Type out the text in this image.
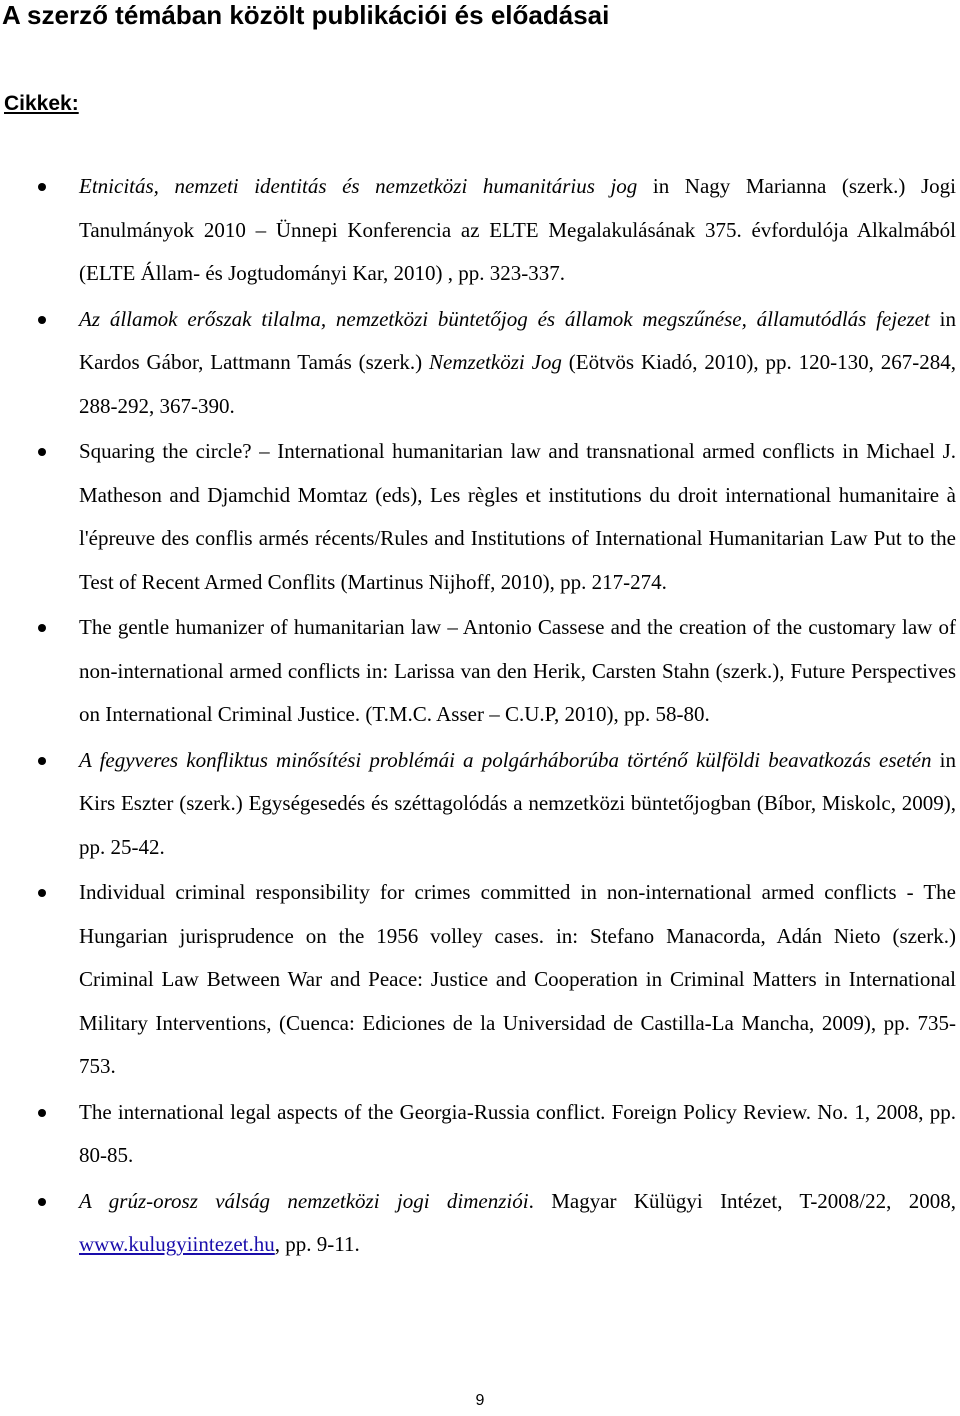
A szerző témában közölt publikációi és előadásai
Cikkek:
Etnicitás, nemzeti identitás és nemzetközi humanitárius jog in Nagy Marianna (szerk.) Jogi Tanulmányok 2010 – Ünnepi Konferencia az ELTE Megalakulásának 375. évfordulója Alkalmából (ELTE Állam- és Jogtudományi Kar, 2010) , pp. 323-337.
Az államok erőszak tilalma, nemzetközi büntetőjog és államok megszűnése, államutódlás fejezet in Kardos Gábor, Lattmann Tamás (szerk.) Nemzetközi Jog (Eötvös Kiadó, 2010), pp. 120-130, 267-284, 288-292, 367-390.
Squaring the circle? – International humanitarian law and transnational armed conflicts in Michael J. Matheson and Djamchid Momtaz (eds), Les règles et institutions du droit international humanitaire à l'épreuve des conflis armés récents/Rules and Institutions of International Humanitarian Law Put to the Test of Recent Armed Conflits (Martinus Nijhoff, 2010), pp. 217-274.
The gentle humanizer of humanitarian law – Antonio Cassese and the creation of the customary law of non-international armed conflicts in: Larissa van den Herik, Carsten Stahn (szerk.), Future Perspectives on International Criminal Justice. (T.M.C. Asser – C.U.P, 2010), pp. 58-80.
A fegyveres konfliktus minősítési problémái a polgárháborúba történő külföldi beavatkozás esetén in Kirs Eszter (szerk.) Egységesedés és széttagolódás a nemzetközi büntetőjogban (Bíbor, Miskolc, 2009), pp. 25-42.
Individual criminal responsibility for crimes committed in non-international armed conflicts - The Hungarian jurisprudence on the 1956 volley cases. in: Stefano Manacorda, Adán Nieto (szerk.) Criminal Law Between War and Peace: Justice and Cooperation in Criminal Matters in International Military Interventions, (Cuenca: Ediciones de la Universidad de Castilla-La Mancha, 2009), pp. 735-753.
The international legal aspects of the Georgia-Russia conflict. Foreign Policy Review. No. 1, 2008, pp. 80-85.
A grúz-orosz válság nemzetközi jogi dimenziói. Magyar Külügyi Intézet, T-2008/22, 2008, www.kulugyiintezet.hu, pp. 9-11.
9
